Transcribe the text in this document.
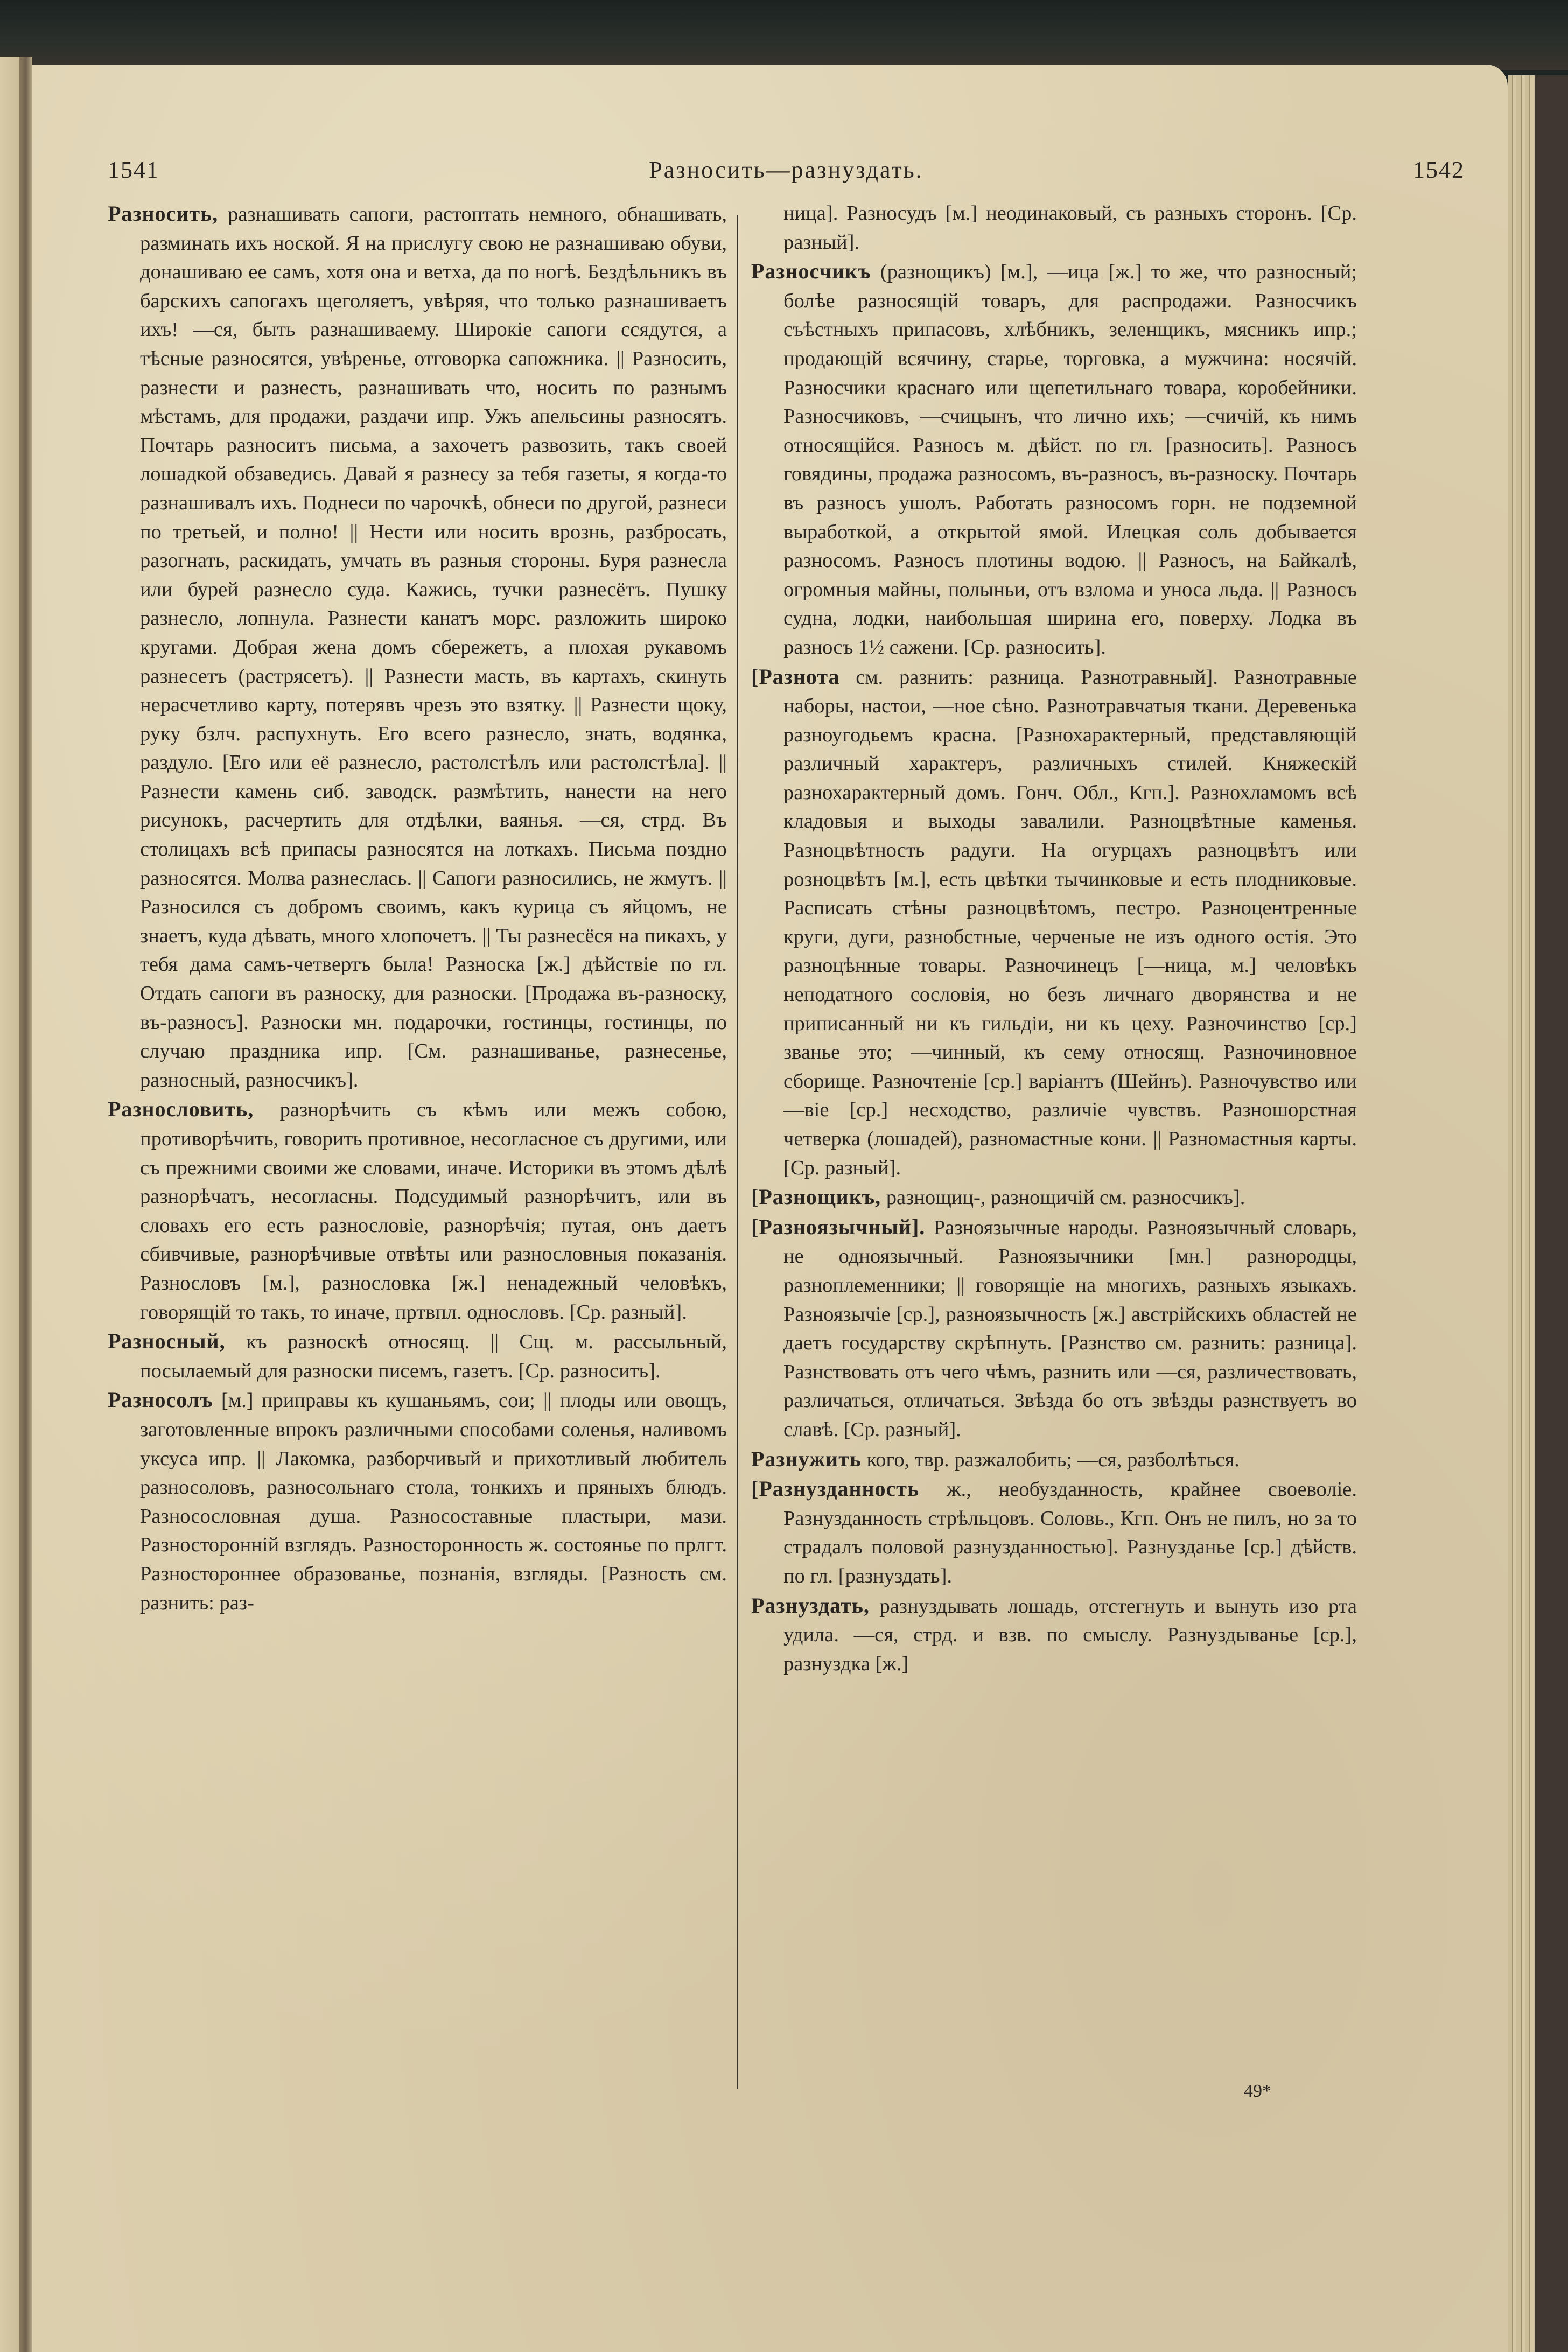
1541	Разносить—разнуздать.	1542

Разносить, разнашивать сапоги, растоптать немного, обнашивать, разминать ихъ ноской. Я на прислугу свою не разнашиваю обуви, донашиваю ее самъ, хотя она и ветха, да по ногѣ. Бездѣльникъ въ барскихъ сапогахъ щеголяетъ, увѣряя, что только разнашиваетъ ихъ! —ся, быть разнашиваему. Широкіе сапоги ссядутся, а тѣсные разносятся, увѣренье, отговорка сапожника. || Разносить, разнести и разнесть, разнашивать что, носить по разнымъ мѣстамъ, для продажи, раздачи ипр. Ужъ апельсины разносятъ. Почтарь разноситъ письма, а захочетъ развозить, такъ своей лошадкой обзаведись. Давай я разнесу за тебя газеты, я когда-то разнашивалъ ихъ. Поднеси по чарочкѣ, обнеси по другой, разнеси по третьей, и полно! || Нести или носить врознь, разбросать, разогнать, раскидать, умчать въ разныя стороны. Буря разнесла или бурей разнесло суда. Кажись, тучки разнесётъ. Пушку разнесло, лопнула. Разнести канатъ морс. разложить широко кругами. Добрая жена домъ сбережетъ, а плохая рукавомъ разнесетъ (растрясетъ). || Разнести масть, въ картахъ, скинуть нерасчетливо карту, потерявъ чрезъ это взятку. || Разнести щоку, руку бзлч. распухнуть. Его всего разнесло, знать, водянка, раздуло. [Его или её разнесло, растолстѣлъ или растолстѣла]. || Разнести камень сиб. заводск. размѣтить, нанести на него рисунокъ, расчертить для отдѣлки, ваянья. —ся, стрд. Въ столицахъ всѣ припасы разносятся на лоткахъ. Письма поздно разносятся. Молва разнеслась. || Сапоги разносились, не жмутъ. || Разносился съ добромъ своимъ, какъ курица съ яйцомъ, не знаетъ, куда дѣвать, много хлопочетъ. || Ты разнесёся на пикахъ, у тебя дама самъ-четвертъ была! Разноска [ж.] дѣйствіе по гл. Отдать сапоги въ разноску, для разноски. [Продажа въ-разноску, въ-разносъ]. Разноски мн. подарочки, гостинцы, гостинцы, по случаю праздника ипр. [См. разнашиванье, разнесенье, разносный, разносчикъ].

Разнословить, разнорѣчить съ кѣмъ или межъ собою, противорѣчить, говорить противное, несогласное съ другими, или съ прежними своими же словами, иначе. Историки въ этомъ дѣлѣ разнорѣчатъ, несогласны. Подсудимый разнорѣчитъ, или въ словахъ его есть разнословіе, разнорѣчія; путая, онъ даетъ сбивчивые, разнорѣчивые отвѣты или разнословныя показанія. Разнословъ [м.], разнословка [ж.] ненадежный человѣкъ, говорящій то такъ, то иначе, пртвпл. однословъ. [Ср. разный].

Разносный, къ разноскѣ относящ. || Сщ. м. рассыльный, посылаемый для разноски писемъ, газетъ. [Ср. разносить].

Разносолъ [м.] приправы къ кушаньямъ, сои; || плоды или овощъ, заготовленные впрокъ различными способами соленья, наливомъ уксуса ипр. || Лакомка, разборчивый и прихотливый любитель разносоловъ, разносольнаго стола, тонкихъ и пряныхъ блюдъ. Разносословная душа. Разносоставные пластыри, мази. Разносторонній взглядъ. Разносторонность ж. состоянье по прлгт. Разностороннее образованье, познанія, взгляды. [Разность см. разнить: раз-

ница]. Разносудъ [м.] неодинаковый, съ разныхъ сторонъ. [Ср. разный].

Разносчикъ (разнощикъ) [м.], —ица [ж.] то же, что разносный; болѣе разносящій товаръ, для распродажи. Разносчикъ съѣстныхъ припасовъ, хлѣбникъ, зеленщикъ, мясникъ ипр.; продающій всячину, старье, торговка, а мужчина: носячій. Разносчики краснаго или щепетильнаго товара, коробейники. Разносчиковъ, —счицынъ, что лично ихъ; —счичій, къ нимъ относящійся. Разносъ м. дѣйст. по гл. [разносить]. Разносъ говядины, продажа разносомъ, въ-разносъ, въ-разноску. Почтарь въ разносъ ушолъ. Работать разносомъ горн. не подземной выработкой, а открытой ямой. Илецкая соль добывается разносомъ. Разносъ плотины водою. || Разносъ, на Байкалѣ, огромныя майны, полыньи, отъ взлома и уноса льда. || Разносъ судна, лодки, наибольшая ширина его, поверху. Лодка въ разносъ 1½ сажени. [Ср. разносить].

[Разнота см. разнить: разница. Разнотравный]. Разнотравные наборы, настои, —ное сѣно. Разнотравчатыя ткани. Деревенька разноугодьемъ красна. [Разнохарактерный, представляющій различный характеръ, различныхъ стилей. Княжескій разнохарактерный домъ. Гонч. Обл., Кгп.]. Разнохламомъ всѣ кладовыя и выходы завалили. Разноцвѣтные каменья. Разноцвѣтность радуги. На огурцахъ разноцвѣтъ или розноцвѣтъ [м.], есть цвѣтки тычинковые и есть плодниковые. Расписать стѣны разноцвѣтомъ, пестро. Разноцентренные круги, дуги, разнобстные, черченые не изъ одного остія. Это разноцѣнные товары. Разночинецъ [—ница, м.] человѣкъ неподатного сословія, но безъ личнаго дворянства и не приписанный ни къ гильдіи, ни къ цеху. Разночинство [ср.] званье это; —чинный, къ сему относящ. Разночиновное сборище. Разночтеніе [ср.] варіантъ (Шейнъ). Разночувство или —віе [ср.] несходство, различіе чувствъ. Разношорстная четверка (лошадей), разномастные кони. || Разномастныя карты. [Ср. разный].

[Разнощикъ, разнощиц-, разнощичій см. разносчикъ].

[Разноязычный]. Разноязычные народы. Разноязычный словарь, не одноязычный. Разноязычники [мн.] разнородцы, разноплеменники; || говорящіе на многихъ, разныхъ языкахъ. Разноязычіе [ср.], разноязычность [ж.] австрійскихъ областей не даетъ государству скрѣпнуть. [Разнство см. разнить: разница]. Разнствовать отъ чего чѣмъ, разнить или —ся, различествовать, различаться, отличаться. Звѣзда бо отъ звѣзды разнствуетъ во славѣ. [Ср. разный].

Разнужить кого, твр. разжалобить; —ся, разболѣться.

[Разнузданность ж., необузданность, крайнее своеволіе. Разнузданность стрѣльцовъ. Соловь., Кгп. Онъ не пилъ, но за то страдалъ половой разнузданностью]. Разнузданье [ср.] дѣйств. по гл. [разнуздать].

Разнуздать, разнуздывать лошадь, отстегнуть и вынуть изо рта удила. —ся, стрд. и взв. по смыслу. Разнуздыванье [ср.], разнуздка [ж.]

49*
